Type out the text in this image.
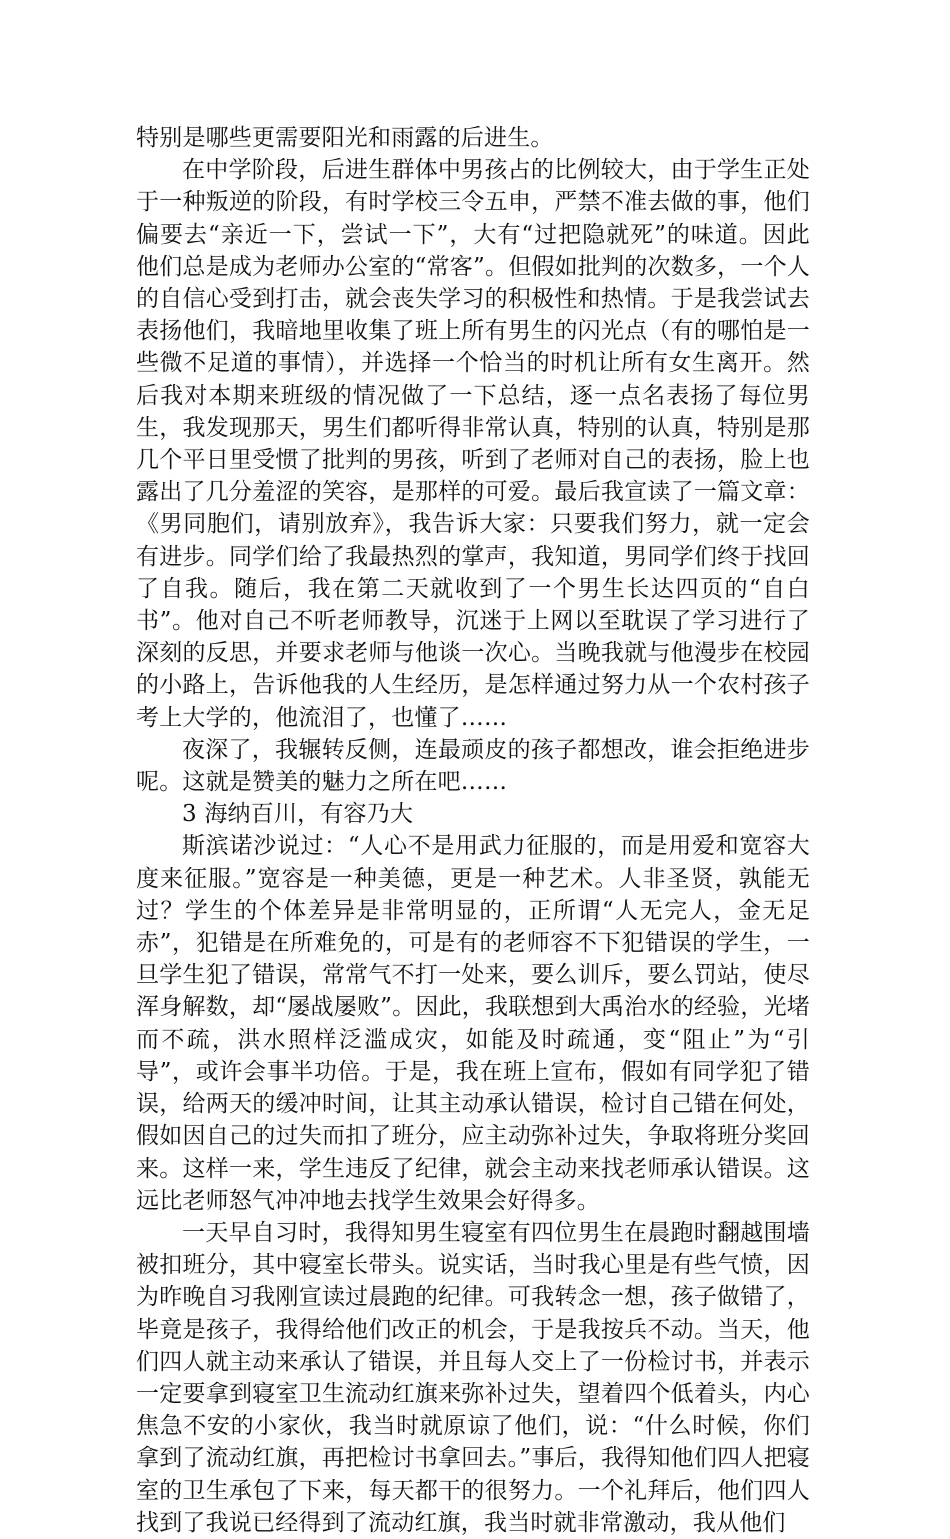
特别是哪些更需要阳光和雨露的后进生。

在中学阶段，后进生群体中男孩占的比例较大，由于学生正处于一种叛逆的阶段，有时学校三令五申，严禁不准去做的事，他们偏要去“亲近一下，尝试一下”，大有“过把隐就死”的味道。因此他们总是成为老师办公室的“常客”。但假如批判的次数多，一个人的自信心受到打击，就会丧失学习的积极性和热情。于是我尝试去表扬他们，我暗地里收集了班上所有男生的闪光点（有的哪怕是一些微不足道的事情），并选择一个恰当的时机让所有女生离开。然后我对本期来班级的情况做了一下总结，逐一点名表扬了每位男生，我发现那天，男生们都听得非常认真，特别的认真，特别是那几个平日里受惯了批判的男孩，听到了老师对自己的表扬，脸上也露出了几分羞涩的笑容，是那样的可爱。最后我宣读了一篇文章：《男同胞们，请别放弃》，我告诉大家：只要我们努力，就一定会有进步。同学们给了我最热烈的掌声，我知道，男同学们终于找回了自我。随后，我在第二天就收到了一个男生长达四页的“自白书”。他对自己不听老师教导，沉迷于上网以至耽误了学习进行了深刻的反思，并要求老师与他谈一次心。当晚我就与他漫步在校园的小路上，告诉他我的人生经历，是怎样通过努力从一个农村孩子考上大学的，他流泪了，也懂了……

夜深了，我辗转反侧，连最顽皮的孩子都想改，谁会拒绝进步呢。这就是赞美的魅力之所在吧……

3 海纳百川，有容乃大

斯滨诺沙说过：“人心不是用武力征服的，而是用爱和宽容大度来征服。”宽容是一种美德，更是一种艺术。人非圣贤，孰能无过？学生的个体差异是非常明显的，正所谓“人无完人，金无足赤”，犯错是在所难免的，可是有的老师容不下犯错误的学生，一旦学生犯了错误，常常气不打一处来，要么训斥，要么罚站，使尽浑身解数，却“屡战屡败”。因此，我联想到大禹治水的经验，光堵而不疏，洪水照样泛滥成灾，如能及时疏通，变“阻止”为“引导”，或许会事半功倍。于是，我在班上宣布，假如有同学犯了错误，给两天的缓冲时间，让其主动承认错误，检讨自己错在何处，假如因自己的过失而扣了班分，应主动弥补过失，争取将班分奖回来。这样一来，学生违反了纪律，就会主动来找老师承认错误。这远比老师怒气冲冲地去找学生效果会好得多。

一天早自习时，我得知男生寝室有四位男生在晨跑时翻越围墙被扣班分，其中寝室长带头。说实话，当时我心里是有些气愤，因为昨晚自习我刚宣读过晨跑的纪律。可我转念一想，孩子做错了，毕竟是孩子，我得给他们改正的机会，于是我按兵不动。当天，他们四人就主动来承认了错误，并且每人交上了一份检讨书，并表示一定要拿到寝室卫生流动红旗来弥补过失，望着四个低着头，内心焦急不安的小家伙，我当时就原谅了他们，说：“什么时候，你们拿到了流动红旗，再把检讨书拿回去。”事后，我得知他们四人把寝室的卫生承包了下来，每天都干的很努力。一个礼拜后，他们四人找到了我说已经得到了流动红旗，我当时就非常激动，我从他们
